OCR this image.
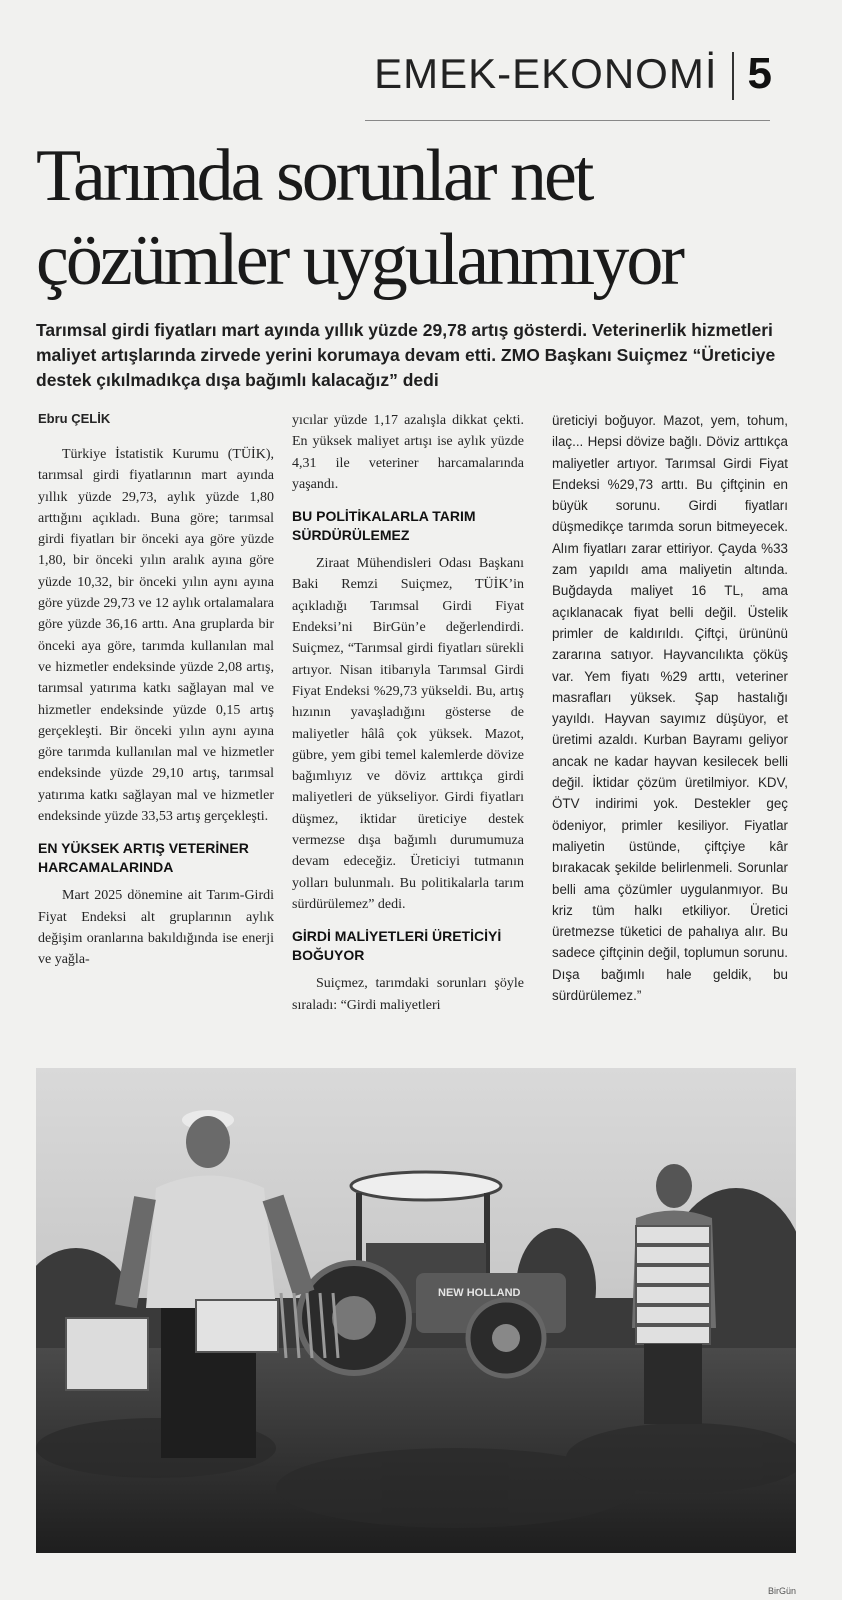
EMEK-EKONOMİ 5
Tarımda sorunlar net
çözümler uygulanmıyor

Tarımsal girdi fiyatları mart ayında yıllık yüzde 29,78 artış gösterdi. Veterinerlik hizmetleri maliyet artışlarında zirvede yerini korumaya devam etti. ZMO Başkanı Suiçmez “Üreticiye destek çıkılmadıkça dışa bağımlı kalacağız” dedi

Ebru ÇELİK

Türkiye İstatistik Kurumu (TÜİK), tarımsal girdi fiyatlarının mart ayında yıllık yüzde 29,73, aylık yüzde 1,80 arttığını açıkladı. Buna göre; tarımsal girdi fiyatları bir önceki aya göre yüzde 1,80, bir önceki yılın aralık ayına göre yüzde 10,32, bir önceki yılın aynı ayına göre yüzde 29,73 ve 12 aylık ortalamalara göre yüzde 36,16 arttı. Ana gruplarda bir önceki aya göre, tarımda kullanılan mal ve hizmetler endeksinde yüzde 2,08 artış, tarımsal yatırıma katkı sağlayan mal ve hizmetler endeksinde yüzde 0,15 artış gerçekleşti. Bir önceki yılın aynı ayına göre tarımda kullanılan mal ve hizmetler endeksinde yüzde 29,10 artış, tarımsal yatırıma katkı sağlayan mal ve hizmetler endeksinde yüzde 33,53 artış gerçekleşti.

EN YÜKSEK ARTIŞ VETERİNER HARCAMALARINDA

Mart 2025 dönemine ait Tarım-Girdi Fiyat Endeksi alt gruplarının aylık değişim oranlarına bakıldığında ise enerji ve yağla-

yıcılar yüzde 1,17 azalışla dikkat çekti. En yüksek maliyet artışı ise aylık yüzde 4,31 ile veteriner harcamalarında yaşandı.

BU POLİTİKALARLA TARIM SÜRDÜRÜLEMEZ

Ziraat Mühendisleri Odası Başkanı Baki Remzi Suiçmez, TÜİK’in açıkladığı Tarımsal Girdi Fiyat Endeksi’ni BirGün’e değerlendirdi. Suiçmez, “Tarımsal girdi fiyatları sürekli artıyor. Nisan itibarıyla Tarımsal Girdi Fiyat Endeksi %29,73 yükseldi. Bu, artış hızının yavaşladığını gösterse de maliyetler hâlâ çok yüksek. Mazot, gübre, yem gibi temel kalemlerde dövize bağımlıyız ve döviz arttıkça girdi maliyetleri de yükseliyor. Girdi fiyatları düşmez, iktidar üreticiye destek vermezse dışa bağımlı durumumuza devam edeceğiz. Üreticiyi tutmanın yolları bulunmalı. Bu politikalarla tarım sürdürülemez” dedi.

GİRDİ MALİYETLERİ ÜRETİCİYİ BOĞUYOR

Suiçmez, tarımdaki sorunları şöyle sıraladı: “Girdi maliyetleri

üreticiyi boğuyor. Mazot, yem, tohum, ilaç... Hepsi dövize bağlı. Döviz arttıkça maliyetler artıyor. Tarımsal Girdi Fiyat Endeksi %29,73 arttı. Bu çiftçinin en büyük sorunu. Girdi fiyatları düşmedikçe tarımda sorun bitmeyecek. Alım fiyatları zarar ettiriyor. Çayda %33 zam yapıldı ama maliyetin altında. Buğdayda maliyet 16 TL, ama açıklanacak fiyat belli değil. Üstelik primler de kaldırıldı. Çiftçi, ürününü zararına satıyor. Hayvancılıkta çöküş var. Yem fiyatı %29 arttı, veteriner masrafları yüksek. Şap hastalığı yayıldı. Hayvan sayımız düşüyor, et üretimi azaldı. Kurban Bayramı geliyor ancak ne kadar hayvan kesilecek belli değil. İktidar çözüm üretilmiyor. KDV, ÖTV indirimi yok. Destekler geç ödeniyor, primler kesiliyor. Fiyatlar maliyetin üstünde, çiftçiye kâr bırakacak şekilde belirlenmeli. Sorunlar belli ama çözümler uygulanmıyor. Bu kriz tüm halkı etkiliyor. Üretici üretmezse tüketici de pahalıya alır. Bu sadece çiftçinin değil, toplumun sorunu. Dışa bağımlı hale geldik, bu sürdürülemez.”

NEW HOLLAND
BirGün
